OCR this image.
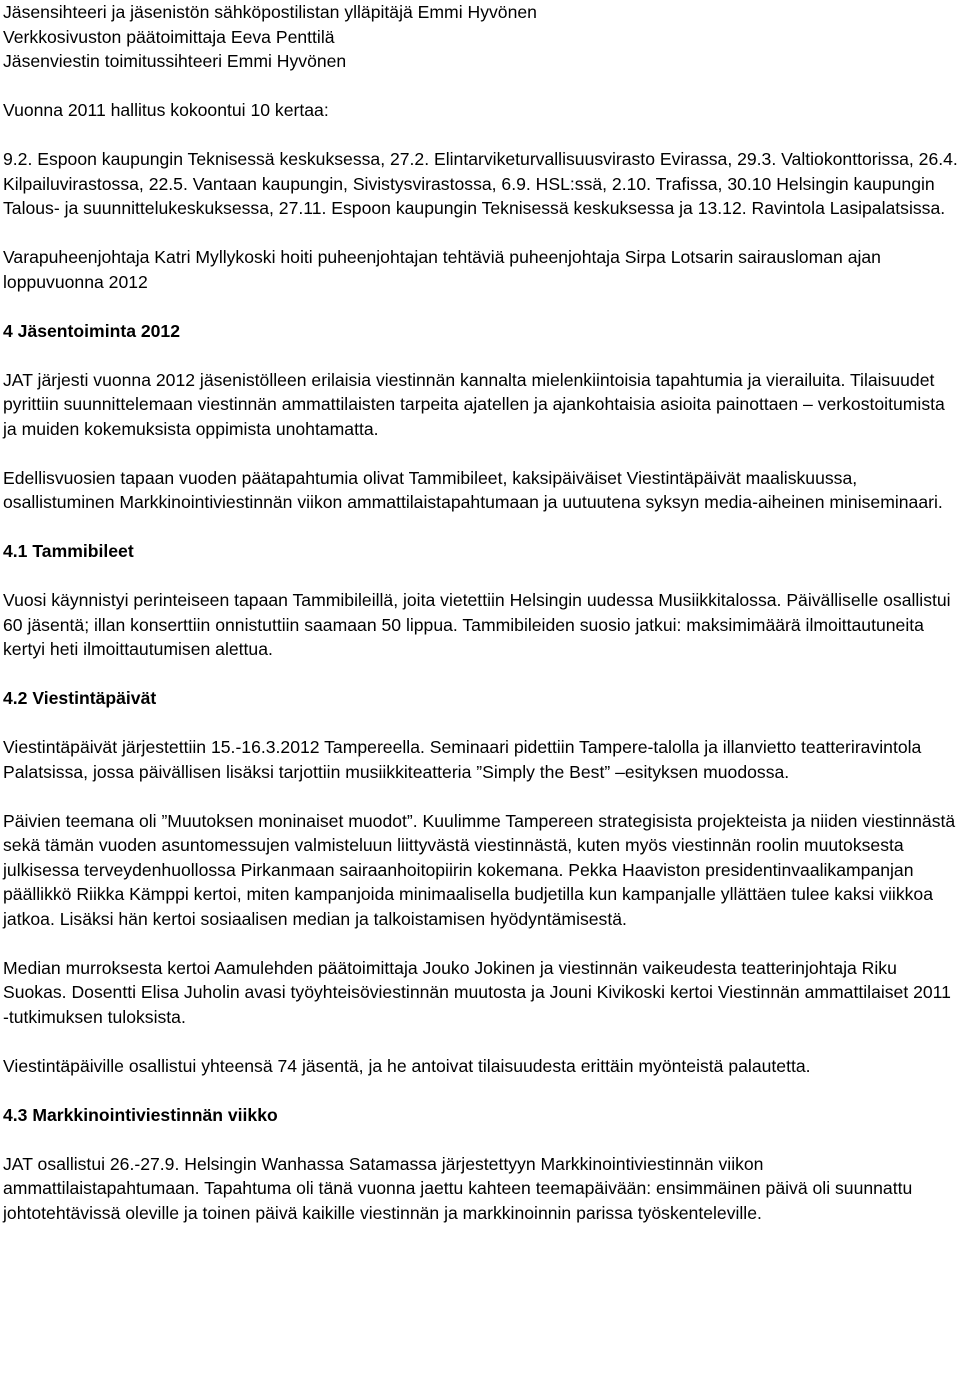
Jäsensihteeri ja jäsenistön sähköpostilistan ylläpitäjä Emmi Hyvönen

Verkkosivuston päätoimittaja Eeva Penttilä

Jäsenviestin toimitussihteeri Emmi Hyvönen

Vuonna 2011 hallitus kokoontui 10 kertaa:

9.2. Espoon kaupungin Teknisessä keskuksessa, 27.2. Elintarviketurvallisuusvirasto Evirassa, 29.3. Valtiokonttorissa, 26.4. Kilpailuvirastossa, 22.5. Vantaan kaupungin, Sivistysvirastossa, 6.9. HSL:ssä, 2.10. Trafissa, 30.10 Helsingin kaupungin Talous- ja suunnittelukeskuksessa, 27.11. Espoon kaupungin Teknisessä keskuksessa ja 13.12. Ravintola Lasipalatsissa.

Varapuheenjohtaja Katri Myllykoski hoiti puheenjohtajan tehtäviä puheenjohtaja Sirpa Lotsarin sairausloman ajan loppuvuonna 2012

4 Jäsentoiminta 2012

JAT järjesti vuonna 2012 jäsenistölleen erilaisia viestinnän kannalta mielenkiintoisia tapahtumia ja vierailuita. Tilaisuudet pyrittiin suunnittelemaan viestinnän ammattilaisten tarpeita ajatellen ja ajankohtaisia asioita painottaen – verkostoitumista ja muiden kokemuksista oppimista unohtamatta.

Edellisvuosien tapaan vuoden päätapahtumia olivat Tammibileet, kaksipäiväiset Viestintäpäivät maaliskuussa, osallistuminen Markkinointiviestinnän viikon ammattilaistapahtumaan ja uutuutena syksyn media-aiheinen miniseminaari.

4.1 Tammibileet

Vuosi käynnistyi perinteiseen tapaan Tammibileillä, joita vietettiin Helsingin uudessa Musiikkitalossa. Päivälliselle osallistui 60 jäsentä; illan konserttiin onnistuttiin saamaan 50 lippua. Tammibileiden suosio jatkui: maksimimäärä ilmoittautuneita kertyi heti ilmoittautumisen alettua.

4.2 Viestintäpäivät

Viestintäpäivät järjestettiin 15.-16.3.2012 Tampereella. Seminaari pidettiin Tampere-talolla ja illanvietto teatteriravintola Palatsissa, jossa päivällisen lisäksi tarjottiin musiikkiteatteria ”Simply the Best” –esityksen muodossa.

Päivien teemana oli ”Muutoksen moninaiset muodot”. Kuulimme Tampereen strategisista projekteista ja niiden viestinnästä sekä tämän vuoden asuntomessujen valmisteluun liittyvästä viestinnästä, kuten myös viestinnän roolin muutoksesta julkisessa terveydenhuollossa Pirkanmaan sairaanhoitopiirin kokemana. Pekka Haaviston presidentinvaalikampanjan päällikkö Riikka Kämppi kertoi, miten kampanjoida minimaalisella budjetilla kun kampanjalle yllättäen tulee kaksi viikkoa jatkoa. Lisäksi hän kertoi sosiaalisen median ja talkoistamisen hyödyntämisestä.

Median murroksesta kertoi Aamulehden päätoimittaja Jouko Jokinen ja viestinnän vaikeudesta teatterinjohtaja Riku Suokas. Dosentti Elisa Juholin avasi työyhteisöviestinnän muutosta ja Jouni Kivikoski kertoi Viestinnän ammattilaiset 2011 -tutkimuksen tuloksista.

Viestintäpäiville osallistui yhteensä 74 jäsentä, ja he antoivat tilaisuudesta erittäin myönteistä palautetta.

4.3 Markkinointiviestinnän viikko

JAT osallistui 26.-27.9. Helsingin Wanhassa Satamassa järjestettyyn Markkinointiviestinnän viikon ammattilaistapahtumaan. Tapahtuma oli tänä vuonna jaettu kahteen teemapäivään: ensimmäinen päivä oli suunnattu johtotehtävissä oleville ja toinen päivä kaikille viestinnän ja markkinoinnin parissa työskenteleville.
